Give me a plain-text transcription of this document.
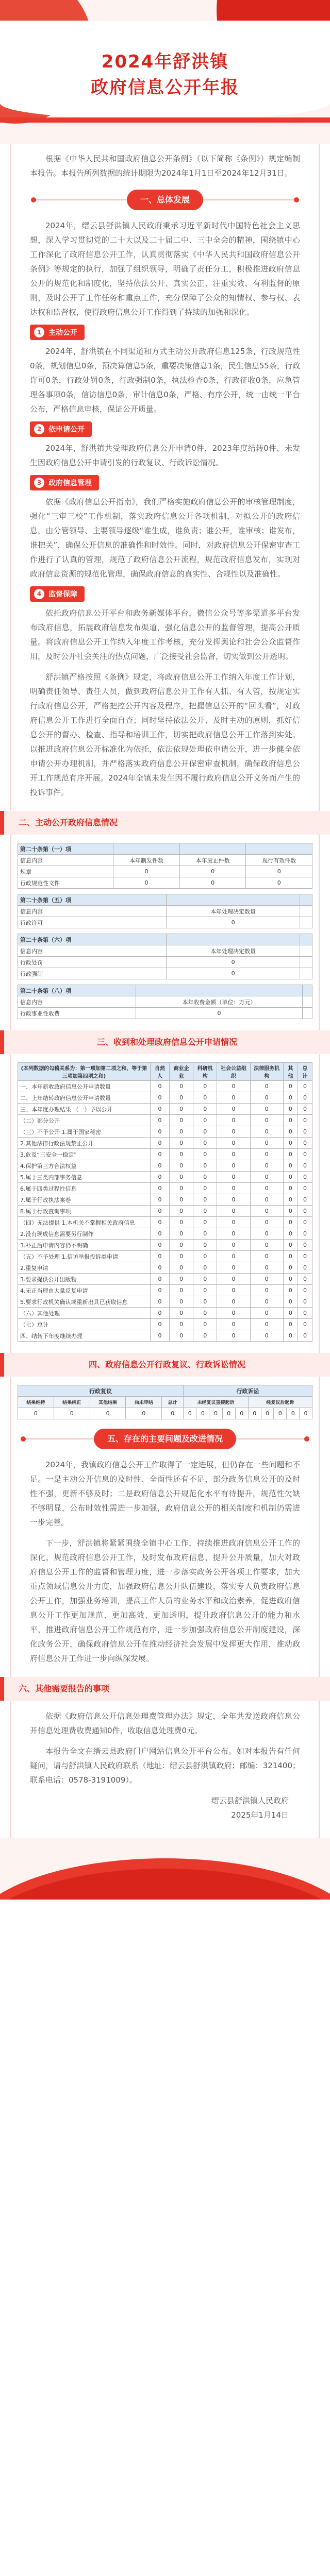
2024年舒洪镇
政府信息公开年报

根据《中华人民共和国政府信息公开条例》（以下简称《条例》）规定编制本报告。本报告所列数据的统计期限为2024年1月1日至2024年12月31日。

一、总体发展

2024年，缙云县舒洪镇人民政府秉承习近平新时代中国特色社会主义思想，深入学习贯彻党的二十大以及二十届二中、三中全会的精神，围绕镇中心工作深化了政府信息公开工作，认真贯彻落实《中华人民共和国政府信息公开条例》等规定的执行，加强了组织领导，明确了责任分工，积极推进政府信息公开的规范化和制度化，坚持依法公开、真实公正、注重实效、有利监督的原则，及时公开了工作任务和重点工作，充分保障了公众的知情权、参与权、表达权和监督权，使得政府信息公开工作得到了持续的加强和深化。

1 主动公开

2024年，舒洪镇在不同渠道和方式主动公开政府信息125条，行政规范性0条，规划信息0条，预决算信息5条，重要决策信息1条，民生信息55条，行政许可0条，行政处罚0条，行政强制0条，执法检查0条，行政征收0条，应急管理各事项0条，信访信息0条，审计信息0条，严格、有序公开，统一由统一平台公布，严格信息审核，保证公开质量。

2 依申请公开

2024年，舒洪镇共受理政府信息公开申请0件，2023年度结转0件，未发生因政府信息公开申请引发的行政复议、行政诉讼情况。

3 政府信息管理

依据《政府信息公开指南》，我们严格实施政府信息公开的审核管理制度，强化“三审三校”工作机制，落实政府信息公开各项机制，对拟公开的政府信息，由分管领导、主要领导逐级“谁生成，谁负责；谁公开，谁审核；谁发布，谁把关”，确保公开信息的准确性和时效性。同时，对政府信息公开保密审查工作进行了认真的管理，规范了政府信息公开流程，规范政府信息发布，实现对政府信息资源的规范化管理，确保政府信息的真实性、合规性以及准确性。

4 监督保障

依托政府信息公开平台和政务新媒体平台，微信公众号等多渠道多平台发布政府信息，拓展政府信息发布渠道，强化信息公开的监督管理，提高公开质量。将政府信息公开工作纳入年度工作考核，充分发挥舆论和社会公众监督作用，及时公开社会关注的热点问题，广泛接受社会监督，切实做到公开透明。

舒洪镇严格按照《条例》规定，将政府信息公开工作纳入年度工作计划，明确责任领导、责任人员，做到政府信息公开工作有人抓、有人管，按规定实行政府信息公开，严格把控公开内容及程序，把握信息公开的“回头看”，对政府信息公开工作进行全面自查；同时坚持依法公开、及时主动的原则，抓好信息公开的督办、检查、指导和培训工作，切实把政府信息公开工作落到实处。以推进政府信息公开标准化为依托，依法依规处理依申请公开，进一步健全依申请公开办理机制，并严格落实政府信息公开保密审查机制，确保政府信息公开工作规范有序开展。2024年全镇未发生因不履行政府信息公开义务而产生的投诉事件。

二、主动公开政府信息情况
第二十条第（一）项			
信息内容	本年制发件数	本年废止件数	现行有效件数
规章	0	0	0
行政规范性文件	0	0	0
第二十条第（五）项		
信息内容	本年处理决定数量	
行政许可	0	
第二十条第（六）项		
信息内容	本年处理决定数量	
行政处罚	0	
行政强制	0	
第二十条第（八）项		
信息内容	本年收费金额（单位：万元）	
行政事业性收费	0	
三、收到和处理政府信息公开申请情况
(本列数据的勾稽关系为：第一项加第二项之和，等于第三项加第四项之和)	自然人	商业企业	科研机构	社会公益组织	法律服务机构	其他	总计
一、本年新收政府信息公开申请数量	0	0	0	0	0	0	0
二、上年结转政府信息公开申请数量	0	0	0	0	0	0	0
三、本年度办理结果 （一）予以公开	0	0	0	0	0	0	0
（二）部分公开	0	0	0	0	0	0	0
（三）不予公开 1.属于国家秘密	0	0	0	0	0	0	0
2.其他法律行政法规禁止公开	0	0	0	0	0	0	0
3.危及“三安全一稳定”	0	0	0	0	0	0	0
4.保护第三方合法权益	0	0	0	0	0	0	0
5.属于三类内部事务信息	0	0	0	0	0	0	0
6.属于四类过程性信息	0	0	0	0	0	0	0
7.属于行政执法案卷	0	0	0	0	0	0	0
8.属于行政查询事项	0	0	0	0	0	0	0
（四）无法提供 1.本机关不掌握相关政府信息	0	0	0	0	0	0	0
2.没有现成信息需要另行制作	0	0	0	0	0	0	0
3.补正后申请内容仍不明确	0	0	0	0	0	0	0
（五）不予处理 1.信访举报投诉类申请	0	0	0	0	0	0	0
2.重复申请	0	0	0	0	0	0	0
3.要求提供公开出版物	0	0	0	0	0	0	0
4.无正当理由大量反复申请	0	0	0	0	0	0	0
5.要求行政机关确认或重新出具已获取信息	0	0	0	0	0	0	0
（六）其他处理	0	0	0	0	0	0	0
（七）总计	0	0	0	0	0	0	0
四、结转下年度继续办理	0	0	0	0	0	0	0
四、政府信息公开行政复议、行政诉讼情况
行政复议					行政诉讼									
结果维持	结果纠正	其他结果	尚未审结	总计	未经复议直接起诉					经复议后起诉				
0	0	0	0	0	0	0	0	0	0	0	0	0	0	0
五、存在的主要问题及改进情况

2024年，我镇政府信息公开工作取得了一定进展，但仍存在一些问题和不足。一是主动公开信息的及时性、全面性还有不足，部分政务信息公开的及时性不强，更新不够及时；二是政府信息公开规范化水平有待提升，规范性欠缺不够明显，公布时效性需进一步加强，政府信息公开的相关制度和机制仍需进一步完善。

下一步，舒洪镇将紧紧围绕全镇中心工作，持续推进政府信息公开工作的深化，规范政府信息公开工作，及时发布政府信息，提升公开质量，加大对政府信息公开工作的监督和管理力度，进一步落实政务公开各项工作要求，加大重点领域信息公开力度，加强政府信息公开队伍建设，落实专人负责政府信息公开工作，加强业务培训，提高工作人员的业务水平和政治素养，促进政府信息公开工作更加规范、更加高效、更加透明，提升政府信息公开的能力和水平，推进政府信息公开工作规范有序，进一步加强政府信息公开制度建设，深化政务公开，确保政府信息公开在推动经济社会发展中发挥更大作用，推动政府信息公开工作进一步向纵深发展。

六、其他需要报告的事项

依据《政府信息公开信息处理费管理办法》规定，全年共发送政府信息公开信息处理费收费通知0件，收取信息处理费0元。

本报告全文在缙云县政府门户网站信息公开平台公布。如对本报告有任何疑问，请与舒洪镇人民政府联系（地址：缙云县舒洪镇政府；邮编：321400；联系电话：0578-3191009）。

缙云县舒洪镇人民政府
2025年1月14日
